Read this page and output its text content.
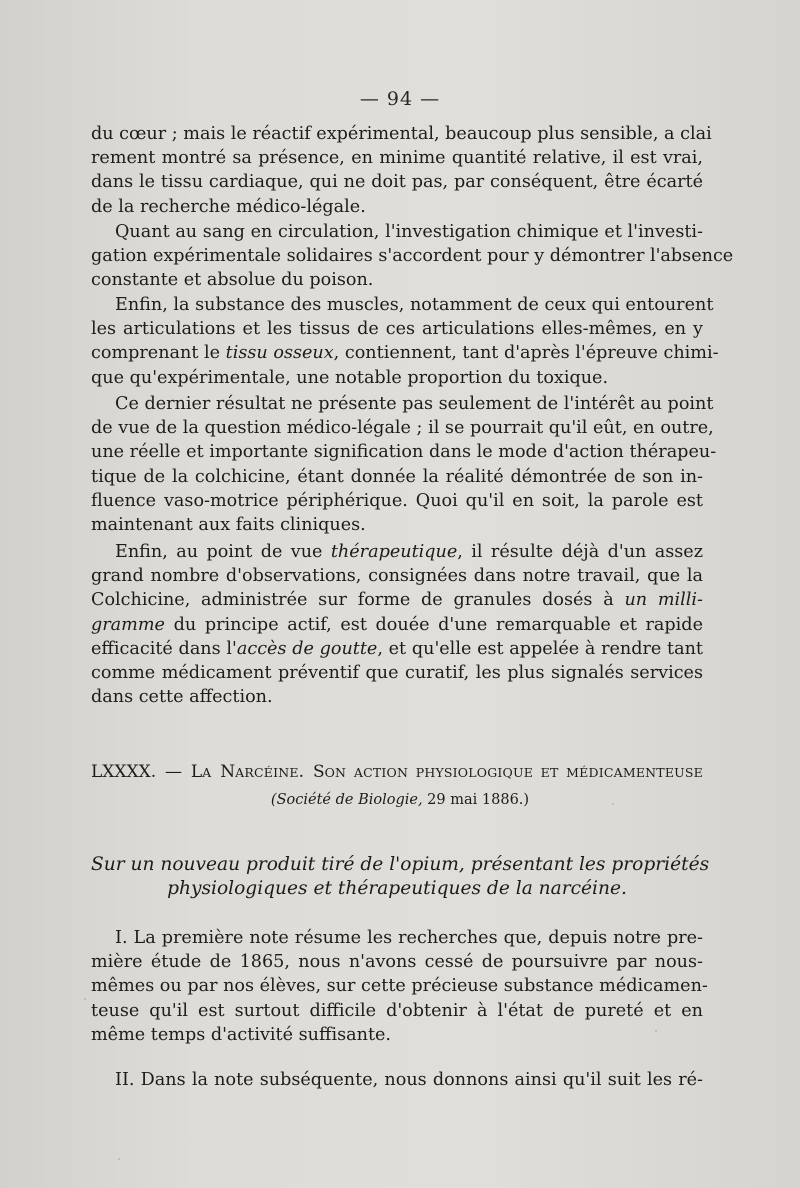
— 94 —
du cœur ; mais le réactif expérimental, beaucoup plus sensible, a clai
rement montré sa présence, en minime quantité relative, il est vrai,
dans le tissu cardiaque, qui ne doit pas, par conséquent, être écarté
de la recherche médico-légale.
Quant au sang en circulation, l'investigation chimique et l'investi-
gation expérimentale solidaires s'accordent pour y démontrer l'absence
constante et absolue du poison.
Enfin, la substance des muscles, notamment de ceux qui entourent
les articulations et les tissus de ces articulations elles-mêmes, en y
comprenant le tissu osseux, contiennent, tant d'après l'épreuve chimi-
que qu'expérimentale, une notable proportion du toxique.
Ce dernier résultat ne présente pas seulement de l'intérêt au point
de vue de la question médico-légale ; il se pourrait qu'il eût, en outre,
une réelle et importante signification dans le mode d'action thérapeu-
tique de la colchicine, étant donnée la réalité démontrée de son in-
fluence vaso-motrice périphérique. Quoi qu'il en soit, la parole est
maintenant aux faits cliniques.
Enfin, au point de vue thérapeutique, il résulte déjà d'un assez
grand nombre d'observations, consignées dans notre travail, que la
Colchicine, administrée sur forme de granules dosés à un milli-
gramme du principe actif, est douée d'une remarquable et rapide
efficacité dans l'accès de goutte, et qu'elle est appelée à rendre tant
comme médicament préventif que curatif, les plus signalés services
dans cette affection.
LXXXX. — LA NARCÉINE. SON ACTION PHYSIOLOGIQUE ET MÉDICAMENTEUSE
(Société de Biologie, 29 mai 1886.)
Sur un nouveau produit tiré de l'opium, présentant les propriétés
physiologiques et thérapeutiques de la narcéine.
I. La première note résume les recherches que, depuis notre pre-
mière étude de 1865, nous n'avons cessé de poursuivre par nous-
mêmes ou par nos élèves, sur cette précieuse substance médicamen-
teuse qu'il est surtout difficile d'obtenir à l'état de pureté et en
même temps d'activité suffisante.
II. Dans la note subséquente, nous donnons ainsi qu'il suit les ré-
